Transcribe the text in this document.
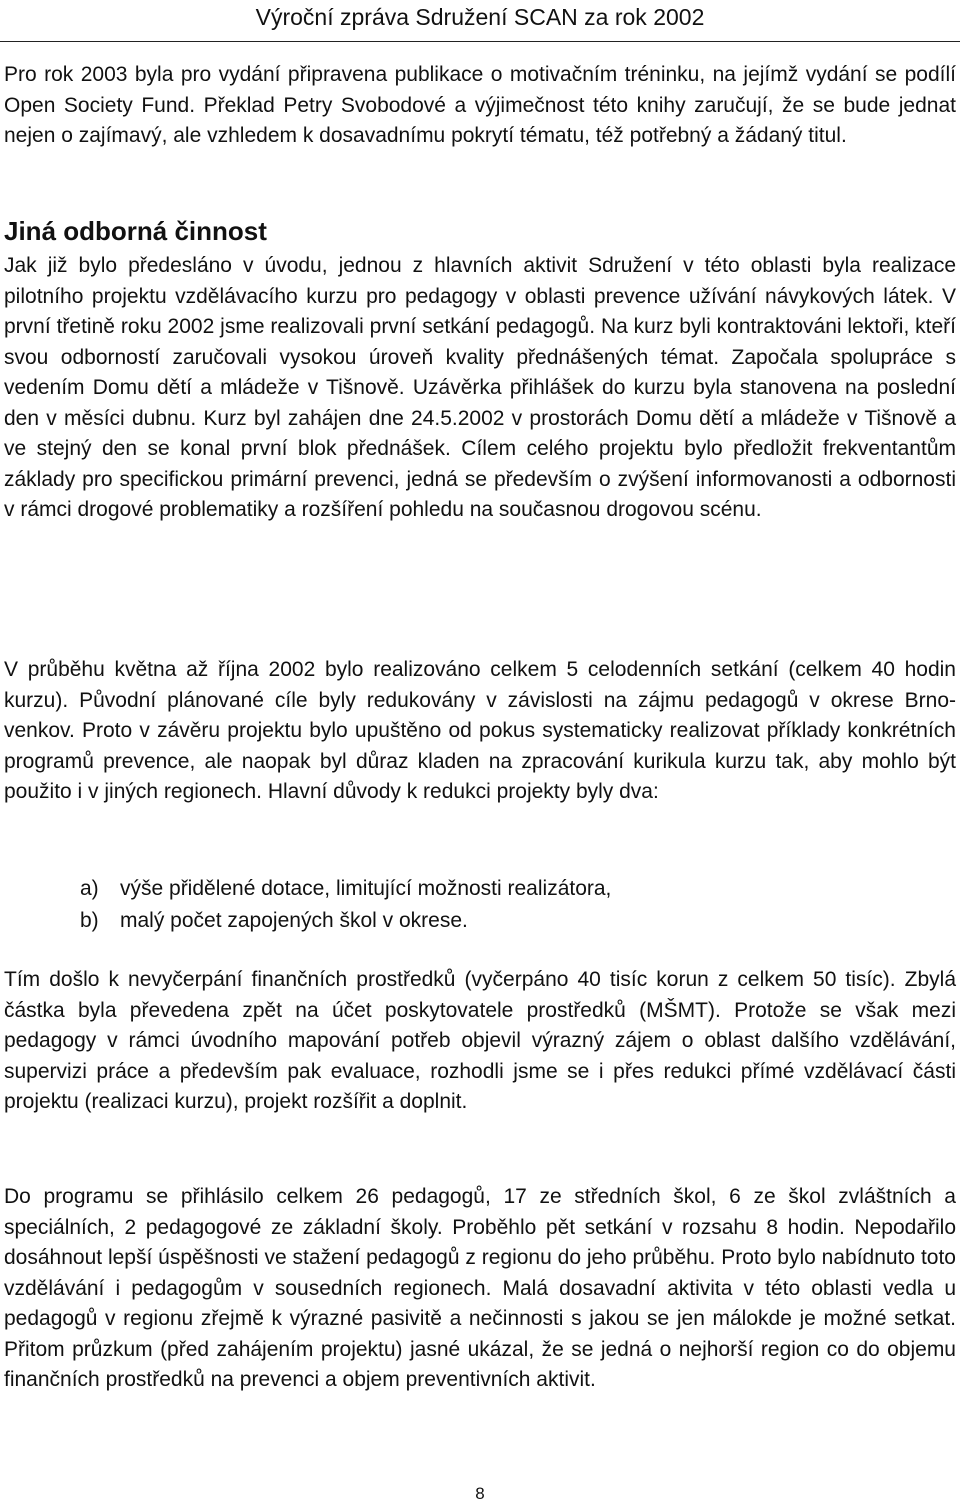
Výroční zpráva Sdružení SCAN za rok 2002

Pro rok 2003 byla pro vydání připravena publikace o motivačním tréninku, na jejímž vydání se podílí Open Society Fund. Překlad Petry Svobodové a výjimečnost této knihy zaručují, že se bude jednat nejen o zajímavý, ale vzhledem k dosavadnímu pokrytí tématu, též potřebný a žádaný titul.

Jiná odborná činnost

Jak již bylo předesláno v úvodu, jednou z hlavních aktivit Sdružení v této oblasti byla realizace pilotního projektu vzdělávacího kurzu pro pedagogy v oblasti prevence užívání návykových látek. V první třetině roku 2002 jsme realizovali první setkání pedagogů. Na kurz byli kontraktováni lektoři, kteří svou odborností zaručovali vysokou úroveň kvality přednášených témat. Započala spolupráce s vedením Domu dětí a mládeže v Tišnově. Uzávěrka přihlášek do kurzu byla stanovena na poslední den v měsíci dubnu. Kurz byl zahájen dne 24.5.2002 v prostorách Domu dětí a mládeže v Tišnově a ve stejný den se konal první blok přednášek. Cílem celého projektu bylo předložit frekventantům základy pro specifickou primární prevenci, jedná se především o zvýšení informovanosti a odbornosti v rámci drogové problematiky a rozšíření pohledu na současnou drogovou scénu.

V průběhu května až října 2002 bylo realizováno celkem 5 celodenních setkání (celkem 40 hodin kurzu). Původní plánované cíle byly redukovány v závislosti na zájmu pedagogů v okrese Brno-venkov. Proto v závěru projektu bylo upuštěno od pokus systematicky realizovat příklady konkrétních programů prevence, ale naopak byl důraz kladen na zpracování kurikula kurzu tak, aby mohlo být použito i v jiných regionech. Hlavní důvody k redukci projekty byly dva:

a)	výše přidělené dotace, limitující možnosti realizátora,
b)	malý počet zapojených škol v okrese.

Tím došlo k nevyčerpání finančních prostředků (vyčerpáno 40 tisíc korun z celkem 50 tisíc). Zbylá částka byla převedena zpět na účet poskytovatele prostředků (MŠMT). Protože se však mezi pedagogy v rámci úvodního mapování potřeb objevil výrazný zájem o oblast dalšího vzdělávání, supervizi práce a především pak evaluace, rozhodli jsme se i přes redukci přímé vzdělávací části projektu (realizaci kurzu), projekt rozšířit a doplnit.

Do programu se přihlásilo celkem 26 pedagogů, 17 ze středních škol, 6 ze škol zvláštních a speciálních, 2 pedagogové ze základní školy. Proběhlo pět setkání v rozsahu 8 hodin. Nepodařilo dosáhnout lepší úspěšnosti ve stažení pedagogů z regionu do jeho průběhu. Proto bylo nabídnuto toto vzdělávání i pedagogům v sousedních regionech. Malá dosavadní aktivita v této oblasti vedla u pedagogů v regionu zřejmě k výrazné pasivitě a nečinnosti s jakou se jen málokde je možné setkat. Přitom průzkum (před zahájením projektu) jasné ukázal, že se jedná o nejhorší region co do objemu finančních prostředků na prevenci a objem preventivních aktivit.

8
